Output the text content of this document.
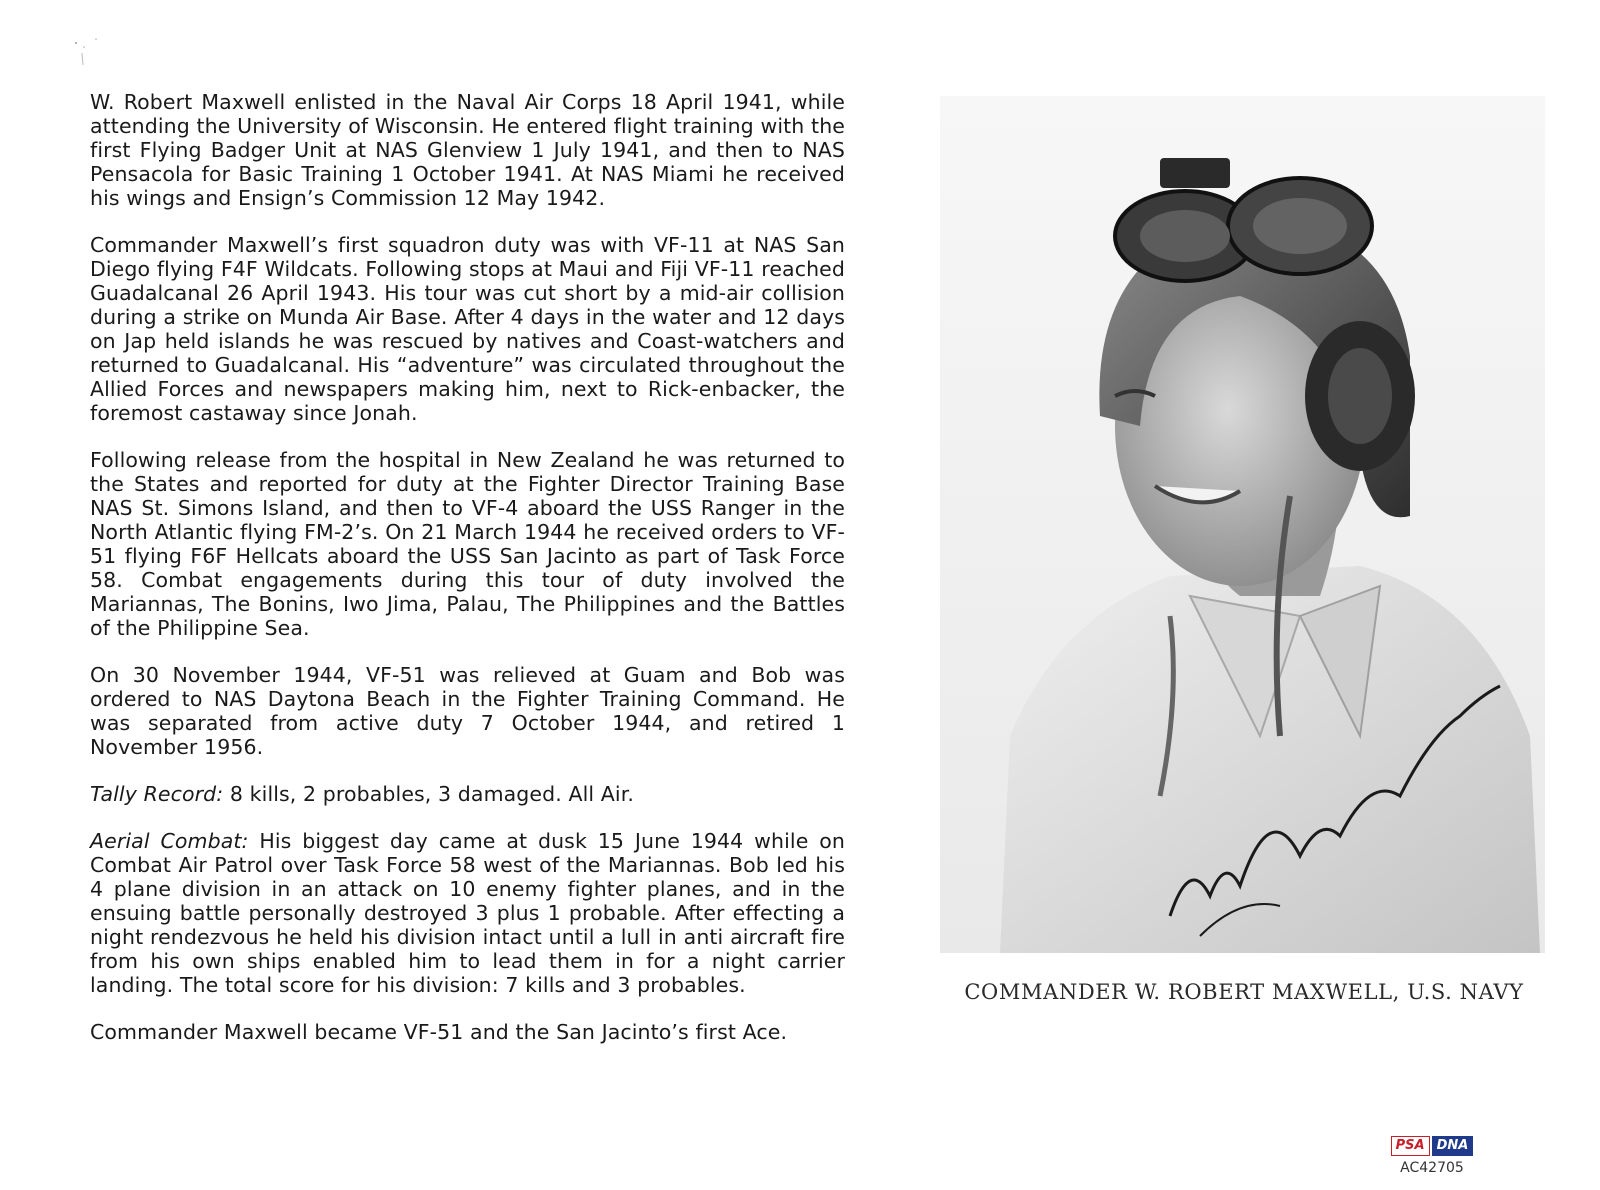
W. Robert Maxwell enlisted in the Naval Air Corps 18 April 1941, while attending the University of Wisconsin. He entered flight training with the first Flying Badger Unit at NAS Glenview 1 July 1941, and then to NAS Pensacola for Basic Training 1 October 1941. At NAS Miami he received his wings and Ensign’s Commission 12 May 1942.

Commander Maxwell’s first squadron duty was with VF-11 at NAS San Diego flying F4F Wildcats. Following stops at Maui and Fiji VF-11 reached Guadalcanal 26 April 1943. His tour was cut short by a mid-air collision during a strike on Munda Air Base. After 4 days in the water and 12 days on Jap held islands he was rescued by natives and Coast-watchers and returned to Guadalcanal. His “adventure” was circulated throughout the Allied Forces and newspapers making him, next to Rick-enbacker, the foremost castaway since Jonah.

Following release from the hospital in New Zealand he was returned to the States and reported for duty at the Fighter Director Training Base NAS St. Simons Island, and then to VF-4 aboard the USS Ranger in the North Atlantic flying FM-2’s. On 21 March 1944 he received orders to VF-51 flying F6F Hellcats aboard the USS San Jacinto as part of Task Force 58. Combat engagements during this tour of duty involved the Mariannas, The Bonins, Iwo Jima, Palau, The Philippines and the Battles of the Philippine Sea.

On 30 November 1944, VF-51 was relieved at Guam and Bob was ordered to NAS Daytona Beach in the Fighter Training Command. He was separated from active duty 7 October 1944, and retired 1 November 1956.

Tally Record: 8 kills, 2 probables, 3 damaged. All Air.

Aerial Combat: His biggest day came at dusk 15 June 1944 while on Combat Air Patrol over Task Force 58 west of the Mariannas. Bob led his 4 plane division in an attack on 10 enemy fighter planes, and in the ensuing battle personally destroyed 3 plus 1 probable. After effecting a night rendezvous he held his division intact until a lull in anti aircraft fire from his own ships enabled him to lead them in for a night carrier landing. The total score for his division: 7 kills and 3 probables.

Commander Maxwell became VF-51 and the San Jacinto’s first Ace.

COMMANDER W. ROBERT MAXWELL, U.S. NAVY
PSA DNA
AC42705
